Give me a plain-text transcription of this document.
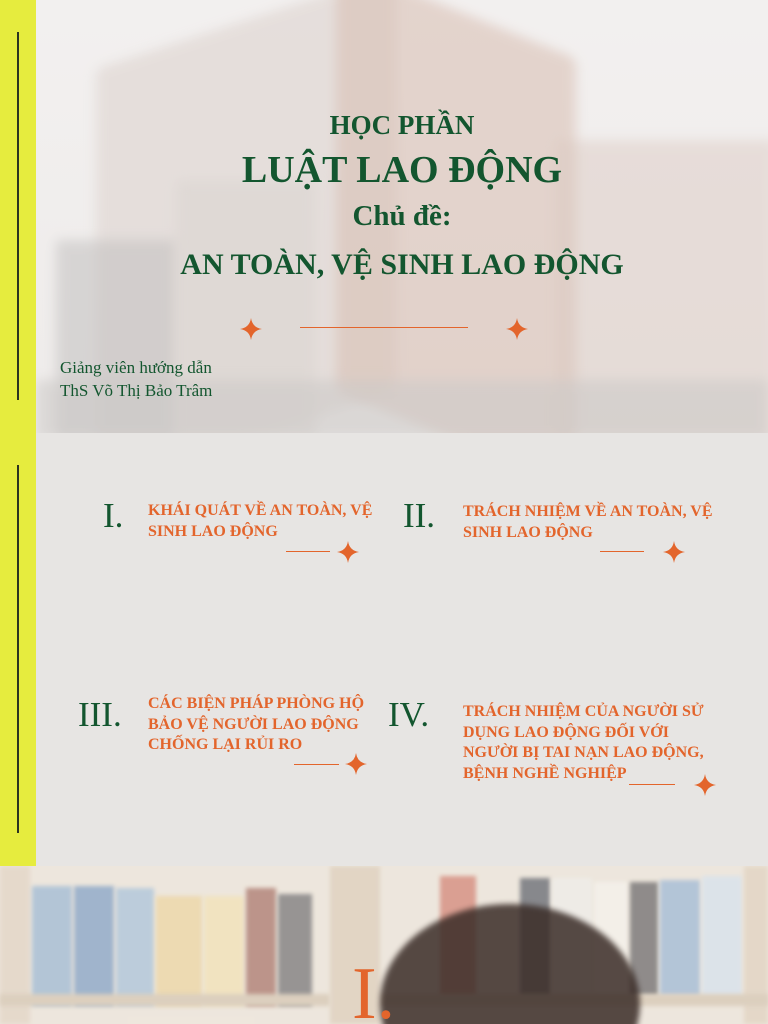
HỌC PHẦN
LUẬT LAO ĐỘNG
Chủ đề:
AN TOÀN, VỆ SINH LAO ĐỘNG
Giảng viên hướng dẫn
ThS Võ Thị Bảo Trâm
I. KHÁI QUÁT VỀ AN TOÀN, VỆ SINH LAO ĐỘNG	II. TRÁCH NHIỆM VỀ AN TOÀN, VỆ SINH LAO ĐỘNG
III. CÁC BIỆN PHÁP PHÒNG HỘ BẢO VỆ NGƯỜI LAO ĐỘNG CHỐNG LẠI RỦI RO
IV. TRÁCH NHIỆM CỦA NGƯỜI SỬ DỤNG LAO ĐỘNG ĐỐI VỚI NGƯỜI BỊ TAI NẠN LAO ĐỘNG, BỆNH NGHỀ NGHIỆP
I.
